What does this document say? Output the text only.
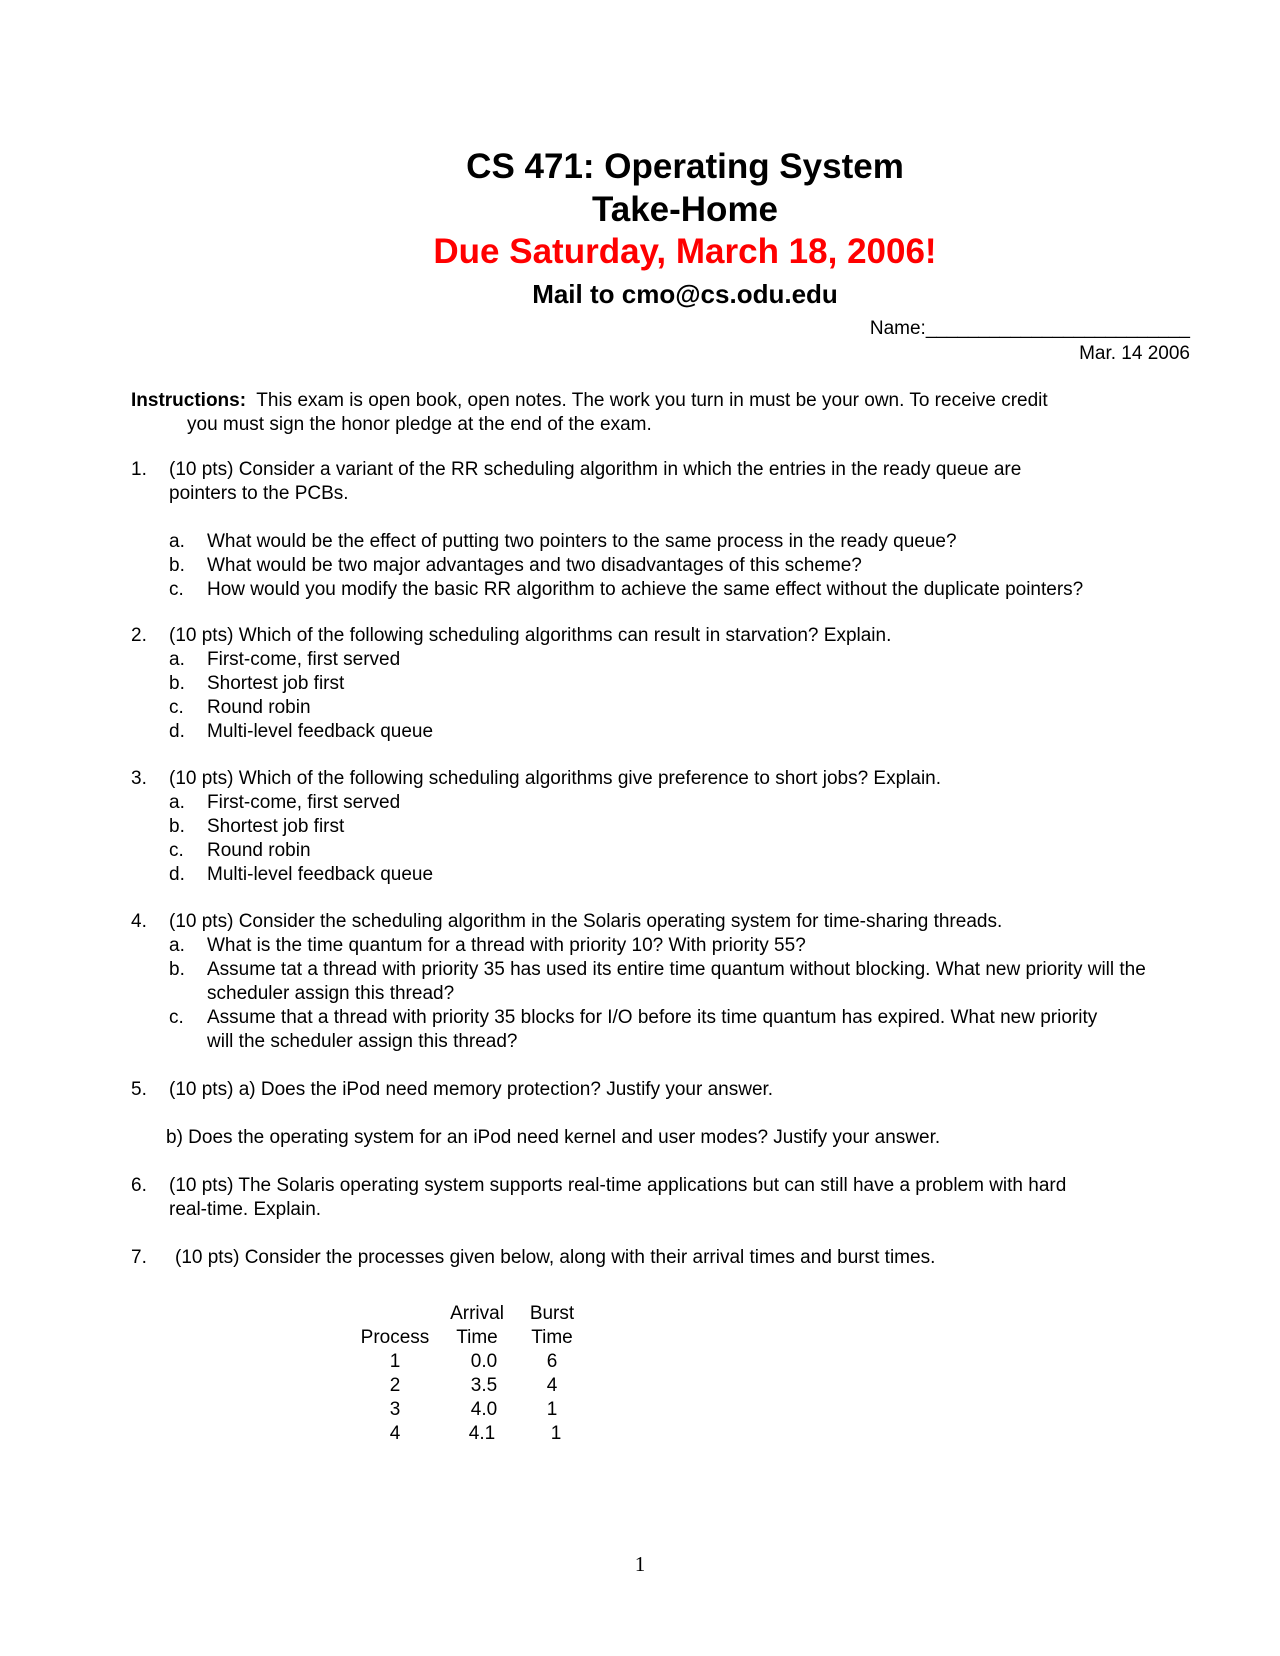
CS 471: Operating System
Take-Home
Due Saturday, March 18, 2006!
Mail to cmo@cs.odu.edu
Name:_________________________
Mar. 14 2006
Instructions: This exam is open book, open notes. The work you turn in must be your own. To receive credit
you must sign the honor pledge at the end of the exam.
1. (10 pts) Consider a variant of the RR scheduling algorithm in which the entries in the ready queue are pointers to the PCBs.
a. What would be the effect of putting two pointers to the same process in the ready queue?
b. What would be two major advantages and two disadvantages of this scheme?
c. How would you modify the basic RR algorithm to achieve the same effect without the duplicate pointers?
2. (10 pts) Which of the following scheduling algorithms can result in starvation? Explain.
a. First-come, first served
b. Shortest job first
c. Round robin
d. Multi-level feedback queue
3. (10 pts) Which of the following scheduling algorithms give preference to short jobs? Explain.
a. First-come, first served
b. Shortest job first
c. Round robin
d. Multi-level feedback queue
4. (10 pts) Consider the scheduling algorithm in the Solaris operating system for time-sharing threads.
a. What is the time quantum for a thread with priority 10? With priority 55?
b. Assume tat a thread with priority 35 has used its entire time quantum without blocking. What new priority will the scheduler assign this thread?
c. Assume that a thread with priority 35 blocks for I/O before its time quantum has expired. What new priority will the scheduler assign this thread?
5. (10 pts) a) Does the iPod need memory protection? Justify your answer.
b) Does the operating system for an iPod need kernel and user modes? Justify your answer.
6. (10 pts) The Solaris operating system supports real-time applications but can still have a problem with hard real-time. Explain.
7. (10 pts) Consider the processes given below, along with their arrival times and burst times.
	Arrival	Burst
Process	Time	Time
1	0.0	6
2	3.5	4
3	4.0	1
4	4.1	1
1
